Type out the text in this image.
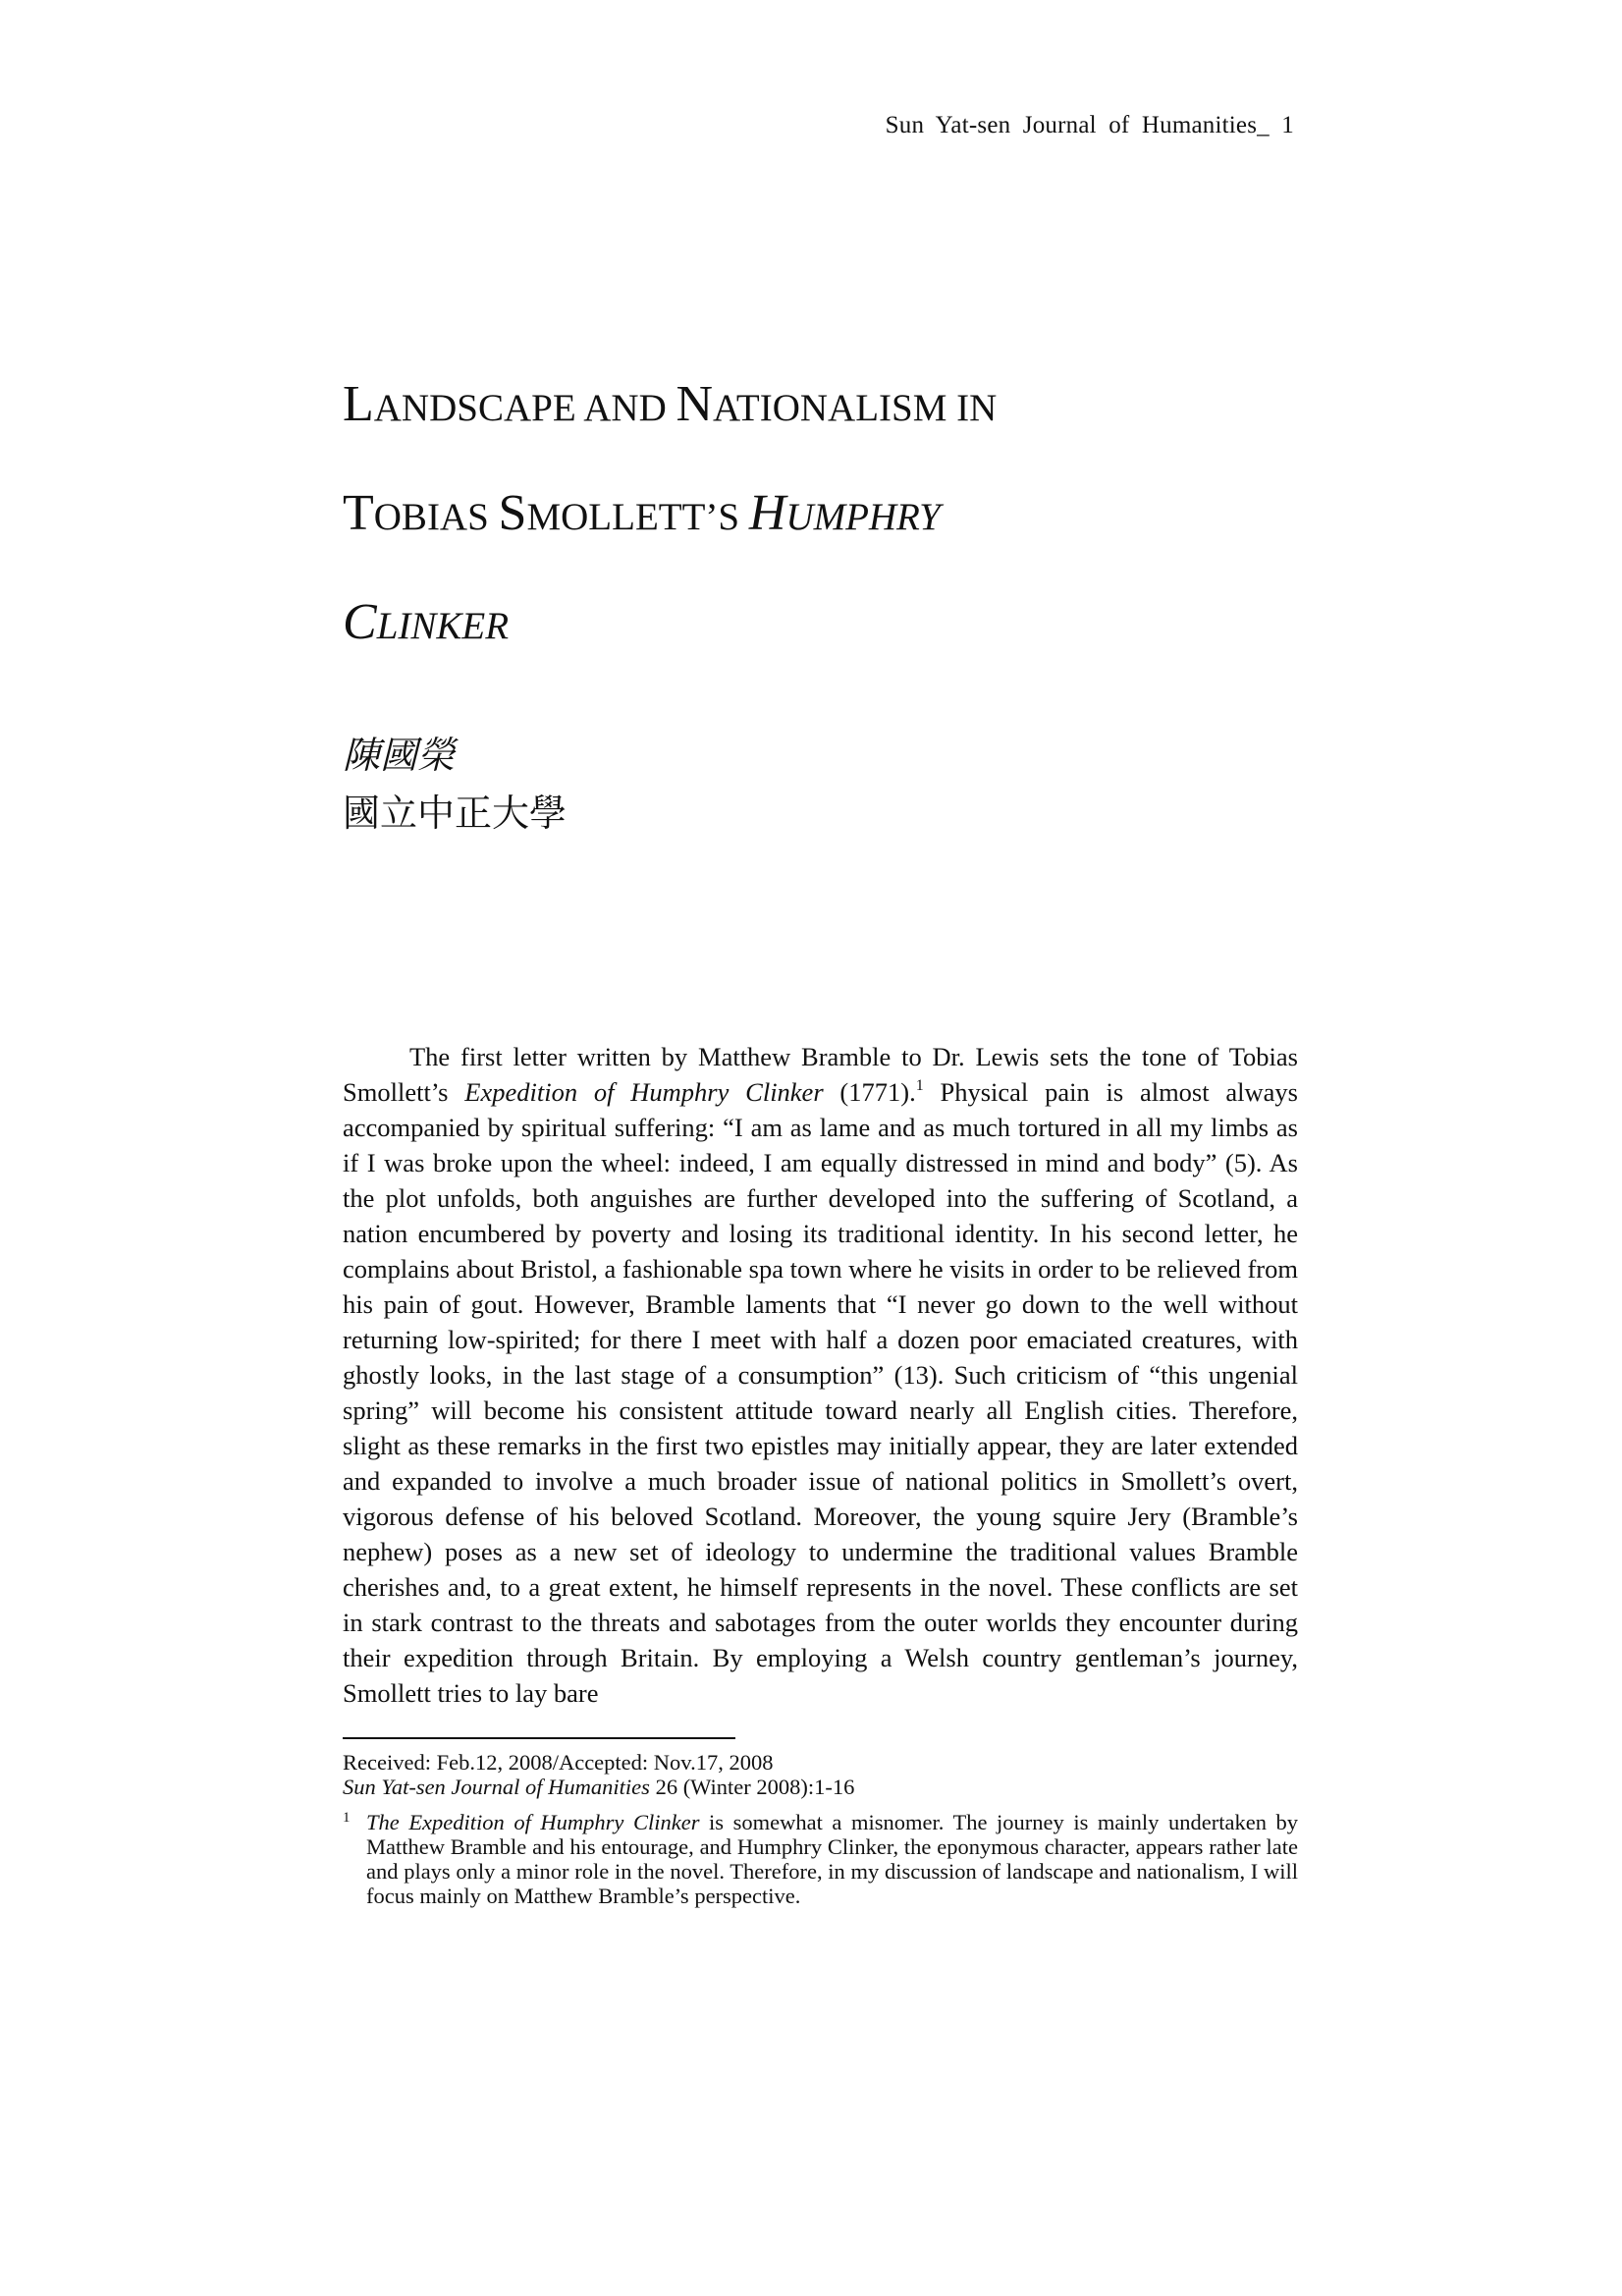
Sun Yat-sen Journal of Humanities_ 1
LANDSCAPE AND NATIONALISM IN
TOBIAS SMOLLETT’S HUMPHRY
CLINKER

陳國榮

國立中正大學

The first letter written by Matthew Bramble to Dr. Lewis sets the tone of Tobias Smollett’s Expedition of Humphry Clinker (1771).$^1$ Physical pain is almost always accompanied by spiritual suffering: “I am as lame and as much tortured in all my limbs as if I was broke upon the wheel: indeed, I am equally distressed in mind and body” (5). As the plot unfolds, both anguishes are further developed into the suffering of Scotland, a nation encumbered by poverty and losing its traditional identity. In his second letter, he complains about Bristol, a fashionable spa town where he visits in order to be relieved from his pain of gout. However, Bramble laments that “I never go down to the well without returning low-spirited; for there I meet with half a dozen poor emaciated creatures, with ghostly looks, in the last stage of a consumption” (13). Such criticism of “this ungenial spring” will become his consistent attitude toward nearly all English cities. Therefore, slight as these remarks in the first two epistles may initially appear, they are later extended and expanded to involve a much broader issue of national politics in Smollett’s overt, vigorous defense of his beloved Scotland. Moreover, the young squire Jery (Bramble’s nephew) poses as a new set of ideology to undermine the traditional values Bramble cherishes and, to a great extent, he himself represents in the novel. These conflicts are set in stark contrast to the threats and sabotages from the outer worlds they encounter during their expedition through Britain. By employing a Welsh country gentleman’s journey, Smollett tries to lay bare

Received: Feb.12, 2008/Accepted: Nov.17, 2008

Sun Yat-sen Journal of Humanities 26 (Winter 2008):1-16

1 The Expedition of Humphry Clinker is somewhat a misnomer. The journey is mainly undertaken by Matthew Bramble and his entourage, and Humphry Clinker, the eponymous character, appears rather late and plays only a minor role in the novel. Therefore, in my discussion of landscape and nationalism, I will focus mainly on Matthew Bramble’s perspective.
